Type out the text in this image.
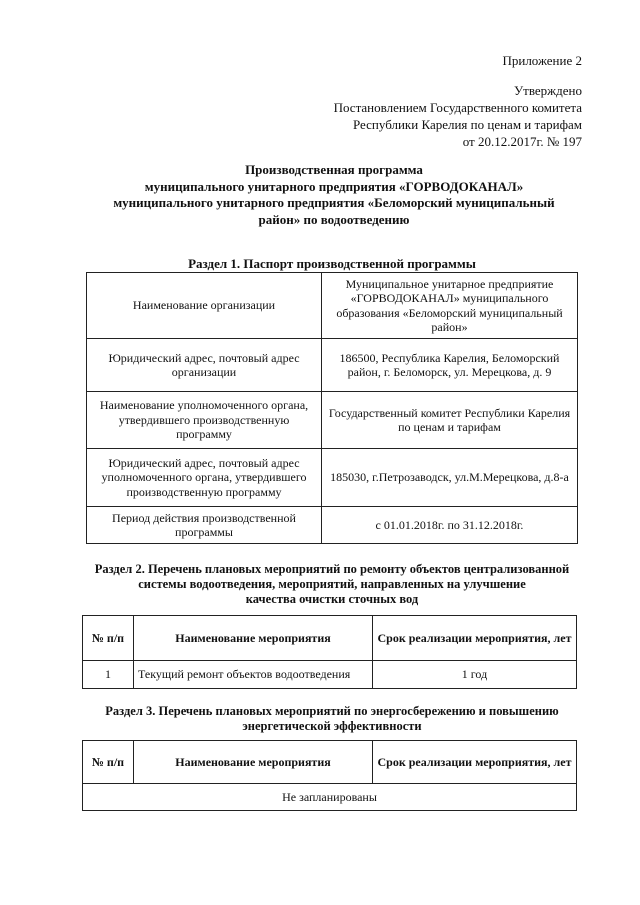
Приложение 2
Утверждено
Постановлением Государственного комитета
Республики Карелия по ценам и тарифам
от 20.12.2017г. № 197
Производственная программа
муниципального унитарного предприятия «ГОРВОДОКАНАЛ»
муниципального унитарного предприятия «Беломорский муниципальный
район» по водоотведению
Раздел 1. Паспорт производственной программы
Наименование организации	Муниципальное унитарное предприятие «ГОРВОДОКАНАЛ» муниципального образования «Беломорский муниципальный район»
Юридический адрес, почтовый адрес организации	186500, Республика Карелия, Беломорский район, г. Беломорск, ул. Мерецкова, д. 9
Наименование уполномоченного органа, утвердившего производственную программу	Государственный комитет Республики Карелия по ценам и тарифам
Юридический адрес, почтовый адрес уполномоченного органа, утвердившего производственную программу	185030, г.Петрозаводск, ул.М.Мерецкова, д.8-а
Период действия производственной программы	с 01.01.2018г. по 31.12.2018г.
Раздел 2. Перечень плановых мероприятий по ремонту объектов централизованной
системы водоотведения, мероприятий, направленных на улучшение
качества очистки сточных вод
№ п/п	Наименование мероприятия	Срок реализации мероприятия, лет
1	Текущий ремонт объектов водоотведения	1 год
Раздел 3. Перечень плановых мероприятий по энергосбережению и повышению
энергетической эффективности
№ п/п	Наименование мероприятия	Срок реализации мероприятия, лет
Не запланированы
